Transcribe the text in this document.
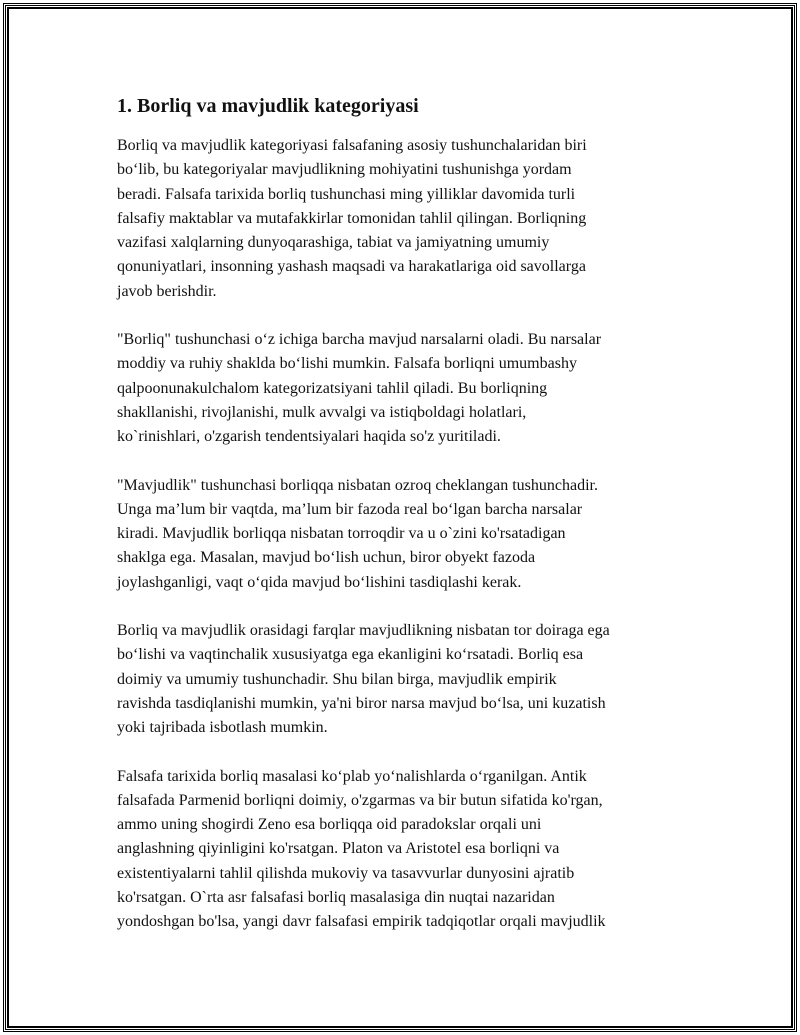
1. Borliq va mavjudlik kategoriyasi

Borliq va mavjudlik kategoriyasi falsafaning asosiy tushunchalaridan biri
bo‘lib, bu kategoriyalar mavjudlikning mohiyatini tushunishga yordam
beradi. Falsafa tarixida borliq tushunchasi ming yilliklar davomida turli
falsafiy maktablar va mutafakkirlar tomonidan tahlil qilingan. Borliqning
vazifasi xalqlarning dunyoqarashiga, tabiat va jamiyatning umumiy
qonuniyatlari, insonning yashash maqsadi va harakatlariga oid savollarga
javob berishdir.

"Borliq" tushunchasi o‘z ichiga barcha mavjud narsalarni oladi. Bu narsalar
moddiy va ruhiy shaklda bo‘lishi mumkin. Falsafa borliqni umumbashy
qalpoonunakulchalom kategorizatsiyani tahlil qiladi. Bu borliqning
shakllanishi, rivojlanishi, mulk avvalgi va istiqboldagi holatlari,
ko`rinishlari, o'zgarish tendentsiyalari haqida so'z yuritiladi.

"Mavjudlik" tushunchasi borliqqa nisbatan ozroq cheklangan tushunchadir.
Unga ma’lum bir vaqtda, ma’lum bir fazoda real bo‘lgan barcha narsalar
kiradi. Mavjudlik borliqqa nisbatan torroqdir va u o`zini ko'rsatadigan
shaklga ega. Masalan, mavjud bo‘lish uchun, biror obyekt fazoda
joylashganligi, vaqt o‘qida mavjud bo‘lishini tasdiqlashi kerak.

Borliq va mavjudlik orasidagi farqlar mavjudlikning nisbatan tor doiraga ega
bo‘lishi va vaqtinchalik xususiyatga ega ekanligini ko‘rsatadi. Borliq esa
doimiy va umumiy tushunchadir. Shu bilan birga, mavjudlik empirik
ravishda tasdiqlanishi mumkin, ya'ni biror narsa mavjud bo‘lsa, uni kuzatish
yoki tajribada isbotlash mumkin.

Falsafa tarixida borliq masalasi ko‘plab yo‘nalishlarda o‘rganilgan. Antik
falsafada Parmenid borliqni doimiy, o'zgarmas va bir butun sifatida ko'rgan,
ammo uning shogirdi Zeno esa borliqqa oid paradokslar orqali uni
anglashning qiyinligini ko'rsatgan. Platon va Aristotel esa borliqni va
existentiyalarni tahlil qilishda mukoviy va tasavvurlar dunyosini ajratib
ko'rsatgan. O`rta asr falsafasi borliq masalasiga din nuqtai nazaridan
yondoshgan bo'lsa, yangi davr falsafasi empirik tadqiqotlar orqali mavjudlik
